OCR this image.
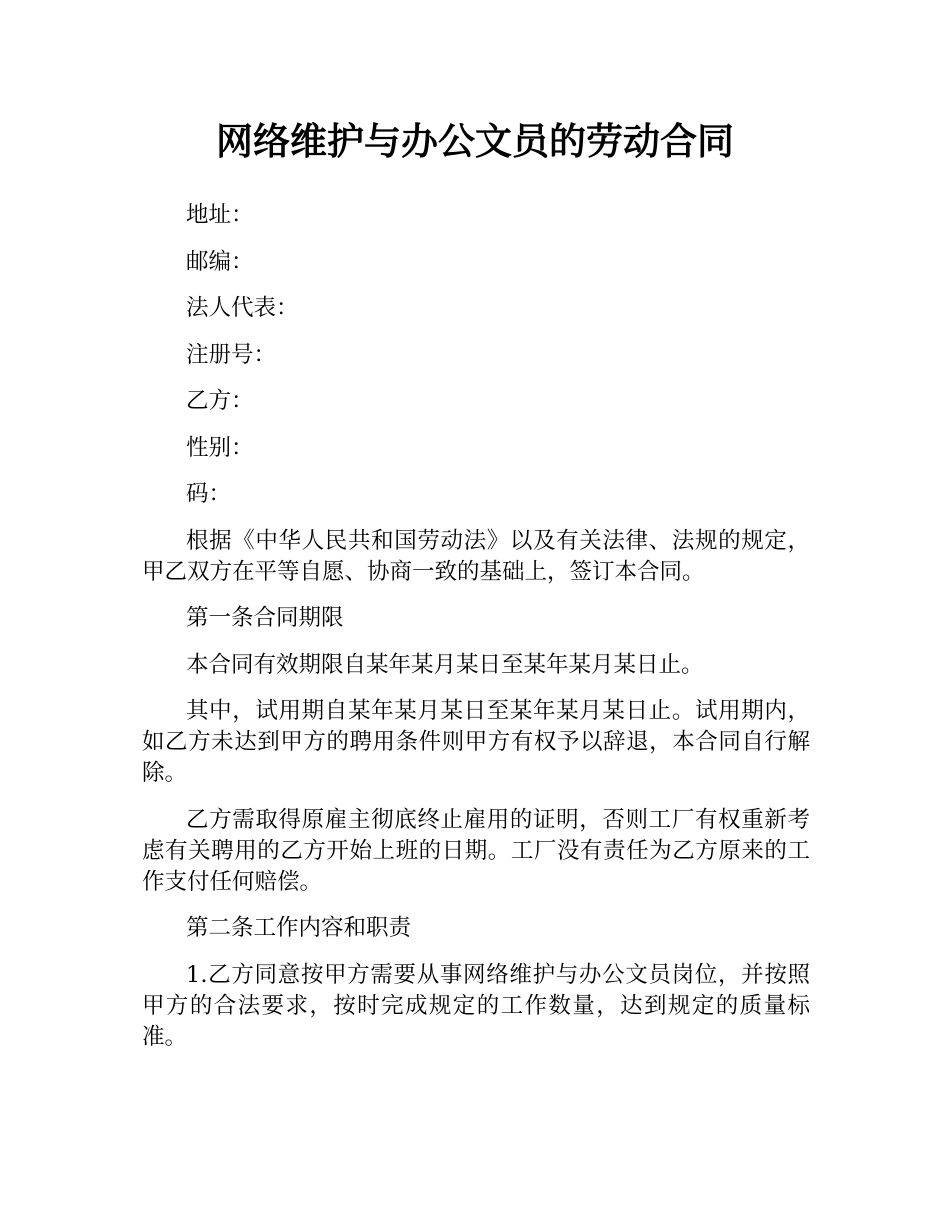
网络维护与办公文员的劳动合同

地址：

邮编：

法人代表：

注册号：

乙方：

性别：

码：

根据《中华人民共和国劳动法》以及有关法律、法规的规定，甲乙双方在平等自愿、协商一致的基础上，签订本合同。

第一条合同期限

本合同有效期限自某年某月某日至某年某月某日止。

其中，试用期自某年某月某日至某年某月某日止。试用期内，如乙方未达到甲方的聘用条件则甲方有权予以辞退，本合同自行解除。

乙方需取得原雇主彻底终止雇用的证明，否则工厂有权重新考虑有关聘用的乙方开始上班的日期。工厂没有责任为乙方原来的工作支付任何赔偿。

第二条工作内容和职责

1.乙方同意按甲方需要从事网络维护与办公文员岗位，并按照甲方的合法要求，按时完成规定的工作数量，达到规定的质量标准。
